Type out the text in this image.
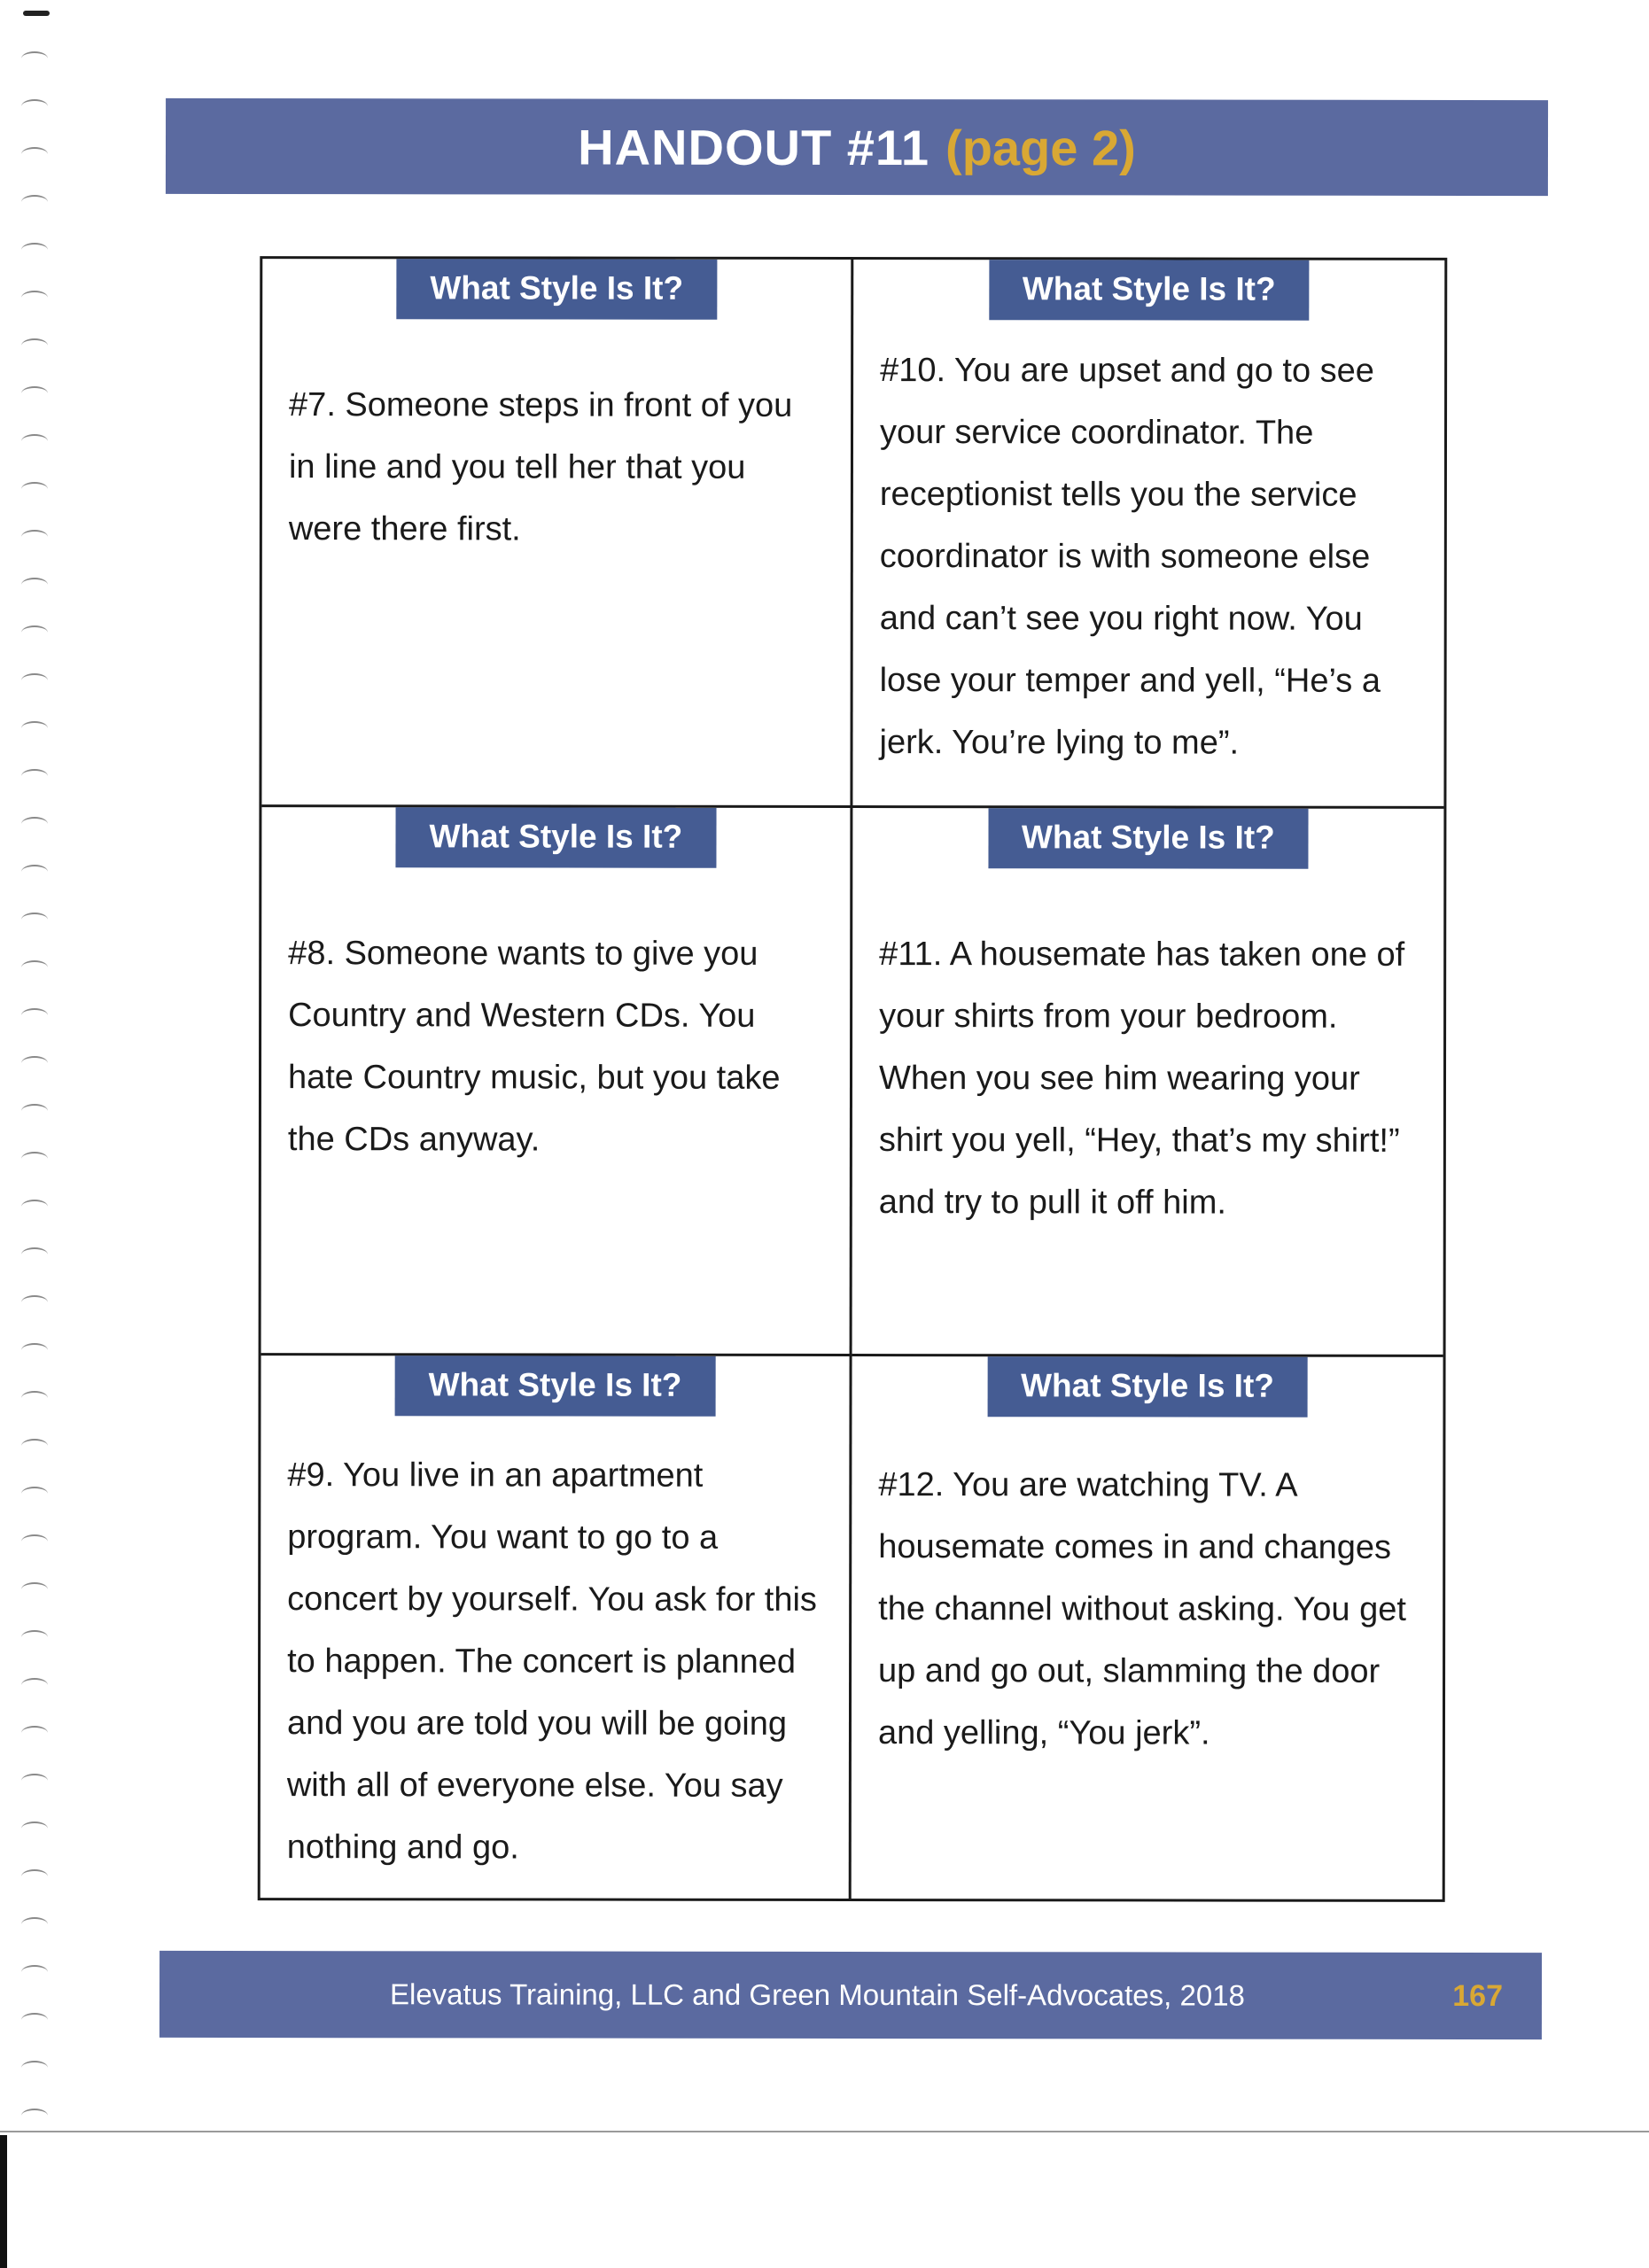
HANDOUT #11 (page 2)
What Style Is It?
#7. Someone steps in front of you in line and you tell her that you were there first.
What Style Is It?
#10. You are upset and go to see your service coordinator. The receptionist tells you the service coordinator is with someone else and can’t see you right now. You lose your temper and yell, “He’s a jerk. You’re lying to me”.
What Style Is It?
#8. Someone wants to give you Country and Western CDs. You hate Country music, but you take the CDs anyway.
What Style Is It?
#11. A housemate has taken one of your shirts from your bedroom. When you see him wearing your shirt you yell, “Hey, that’s my shirt!” and try to pull it off him.
What Style Is It?
#9. You live in an apartment program. You want to go to a concert by yourself. You ask for this to happen. The concert is planned and you are told you will be going with all of everyone else. You say nothing and go.
What Style Is It?
#12. You are watching TV. A housemate comes in and changes the channel without asking. You get up and go out, slamming the door and yelling, “You jerk”.
Elevatus Training, LLC and Green Mountain Self-Advocates, 2018	167
